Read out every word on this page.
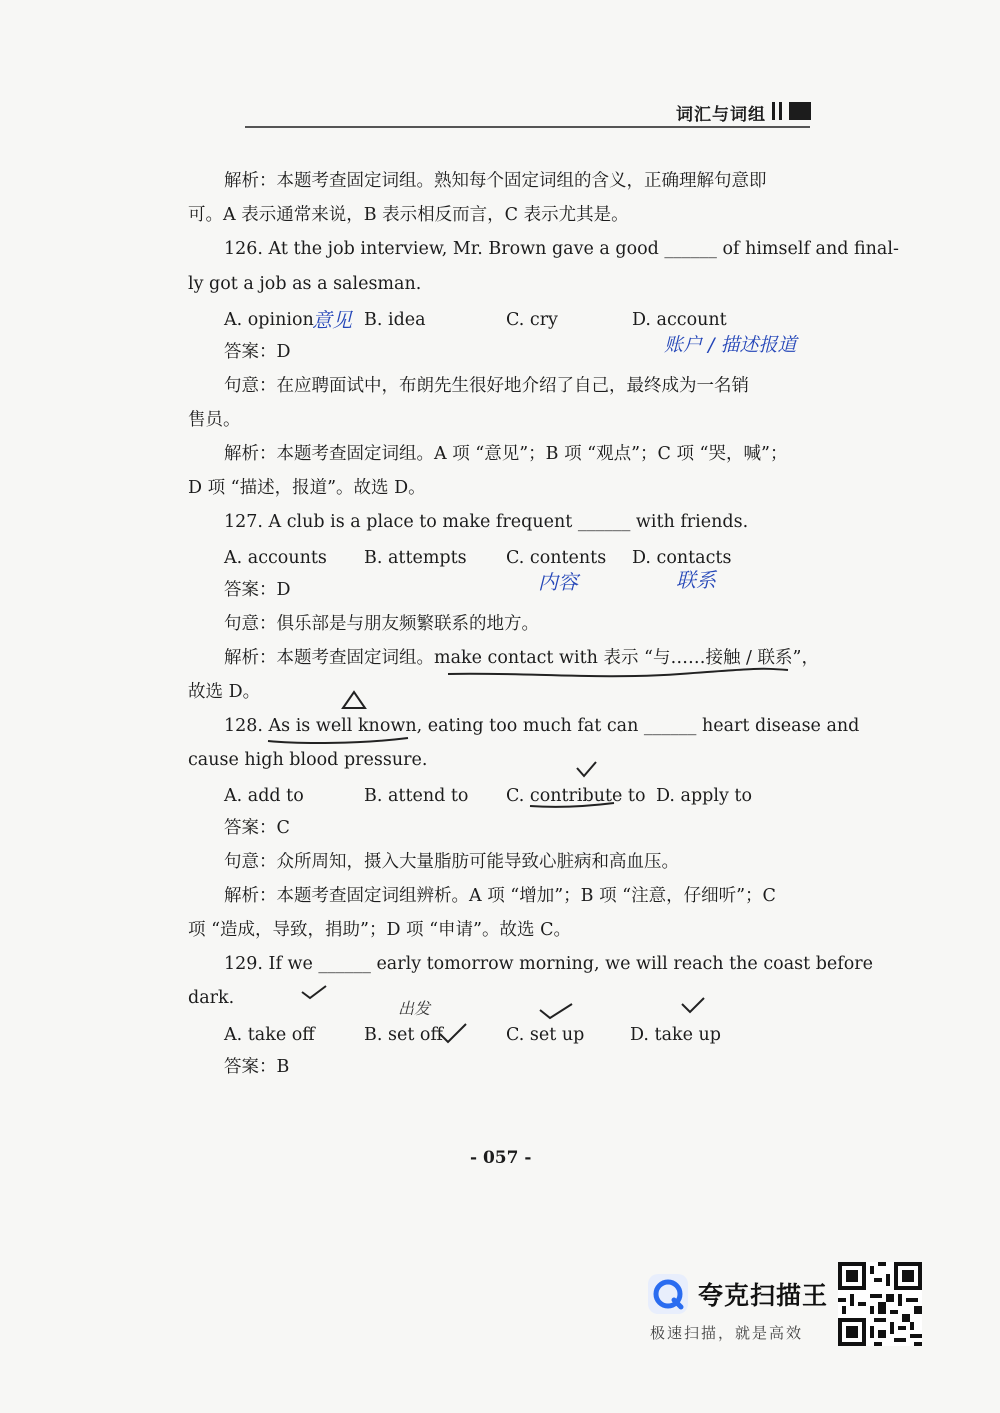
词汇与词组
解析：本题考查固定词组。熟知每个固定词组的含义，正确理解句意即
可。A 表示通常来说，B 表示相反而言，C 表示尤其是。
126. At the job interview, Mr. Brown gave a good ______ of himself and final-
ly got a job as a salesman.
A. opinion	B. idea	C. cry	D. account
意见
账户 / 描述报道
答案：D
句意：在应聘面试中，布朗先生很好地介绍了自己，最终成为一名销
售员。
解析：本题考查固定词组。A 项 “意见”；B 项 “观点”；C 项 “哭，喊”；
D 项 “描述，报道”。故选 D。
127. A club is a place to make frequent ______ with friends.
A. accounts B. attempts C. contents D. contacts
内容	联系
答案：D
句意：俱乐部是与朋友频繁联系的地方。
解析：本题考查固定词组。make contact with 表示 “与……接触 / 联系”，
故选 D。
128. As is well known, eating too much fat can ______ heart disease and
cause high blood pressure.
A. add to	B. attend to C. contribute to D. apply to
答案：C
句意：众所周知，摄入大量脂肪可能导致心脏病和高血压。
解析：本题考查固定词组辨析。A 项 “增加”；B 项 “注意，仔细听”；C
项 “造成，导致，捐助”；D 项 “申请”。故选 C。
129. If we ______ early tomorrow morning, we will reach the coast before
dark.
A. take off	B. set off	C. set up	D. take up
出发
答案：B
- 057 -
夸克扫描王
极速扫描，就是高效
